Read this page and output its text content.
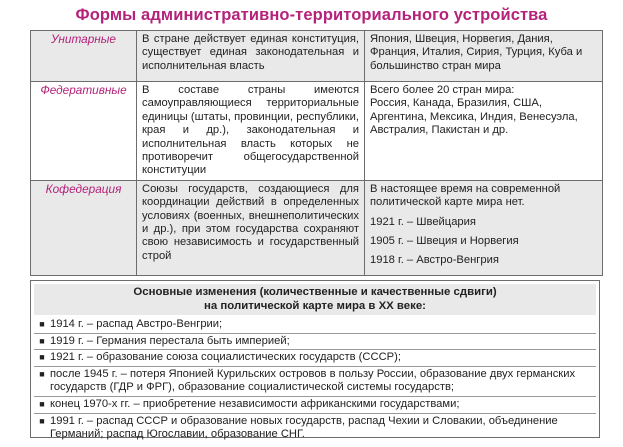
Формы административно-территориального устройства
Унитарные	В стране действует единая конституция, существует единая законодательная и исполнительная власть	Япония, Швеция, Норвегия, Дания, Франция, Италия, Сирия, Турция, Куба и большинство стран мира

Федеративные	В составе страны имеются самоуправляющиеся территориальные единицы (штаты, провинции, республики, края и др.), законодательная и исполнительная власть которых не противоречит общегосударственной конституции	Всего более 20 стран мира:
Россия, Канада, Бразилия, США, Аргентина, Мексика, Индия, Венесуэла, Австралия, Пакистан и др.

Кофедерация	Союзы государств, создающиеся для координации действий в определенных условиях (военных, внешнеполитических и др.), при этом государства сохраняют свою независимость и государственный строй	В настоящее время на современной политической карте мира нет.
1921 г. – Швейцария
1905 г. – Швеция и Норвегия
1918 г. – Австро-Венгрия
Основные изменения (количественные и качественные сдвиги)
на политической карте мира в XX веке:
■ 1914 г. – распад Австро-Венгрии;
■ 1919 г. – Германия перестала быть империей;
■ 1921 г. – образование союза социалистических государств (СССР);
■ после 1945 г. – потеря Японией Курильских островов в пользу России, образование двух германских государств (ГДР и ФРГ), образование социалистической системы государств;
■ конец 1970-х гг. – приобретение независимости африканскими государствами;
■ 1991 г. – распад СССР и образование новых государств, распад Чехии и Словакии, объединение Германий; распад Югославии, образование СНГ.
